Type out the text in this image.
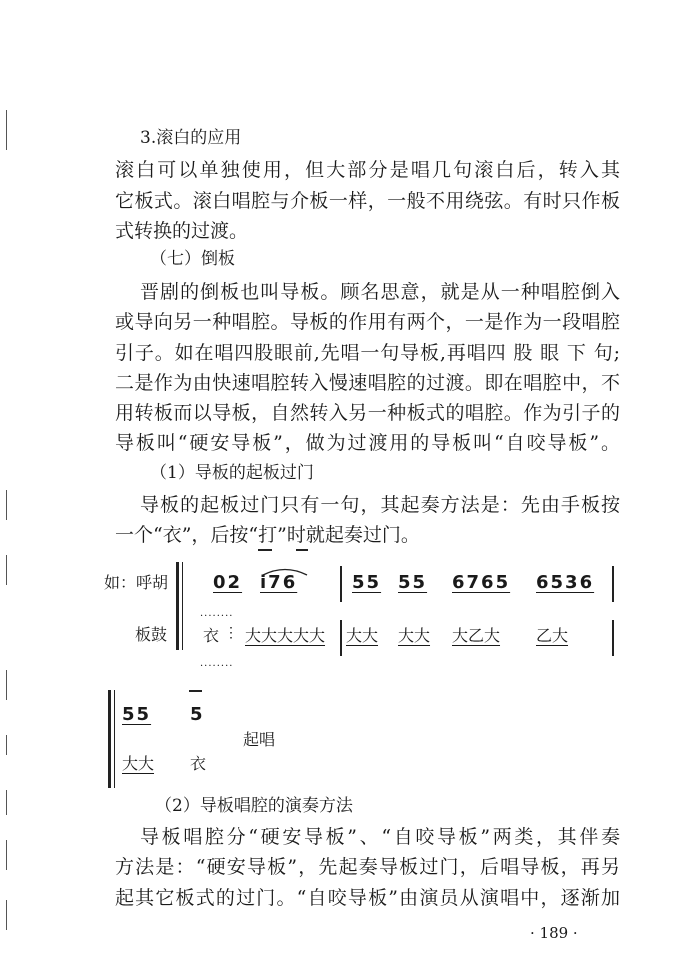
3.滚白的应用
滚白可以单独使用，但大部分是唱几句滚白后，转入其
它板式。滚白唱腔与介板一样，一般不用绕弦。有时只作板
式转换的过渡。
（七）倒板
晋剧的倒板也叫导板。顾名思意，就是从一种唱腔倒入
或导向另一种唱腔。导板的作用有两个，一是作为一段唱腔
引子。如在唱四股眼前,先唱一句导板,再唱四 股 眼 下 句;
二是作为由快速唱腔转入慢速唱腔的过渡。即在唱腔中，不
用转板而以导板，自然转入另一种板式的唱腔。作为引子的
导板叫“硬安导板”，做为过渡用的导板叫“自咬导板”。
（1）导板的起板过门
导板的起板过门只有一句，其起奏方法是：先由手板按
一个“衣”，后按“打”时就起奏过门。
如：呼胡
板鼓
02 i76	55 55 6765 6536
········
········
衣 ⋮ 大大大大大 大大 大大 大乙大 乙大
55 5
起唱
大大 衣
（2）导板唱腔的演奏方法
导板唱腔分“硬安导板”、“自咬导板”两类，其伴奏
方法是：“硬安导板”，先起奏导板过门，后唱导板，再另
起其它板式的过门。“自咬导板”由演员从演唱中，逐渐加
· 189 ·
